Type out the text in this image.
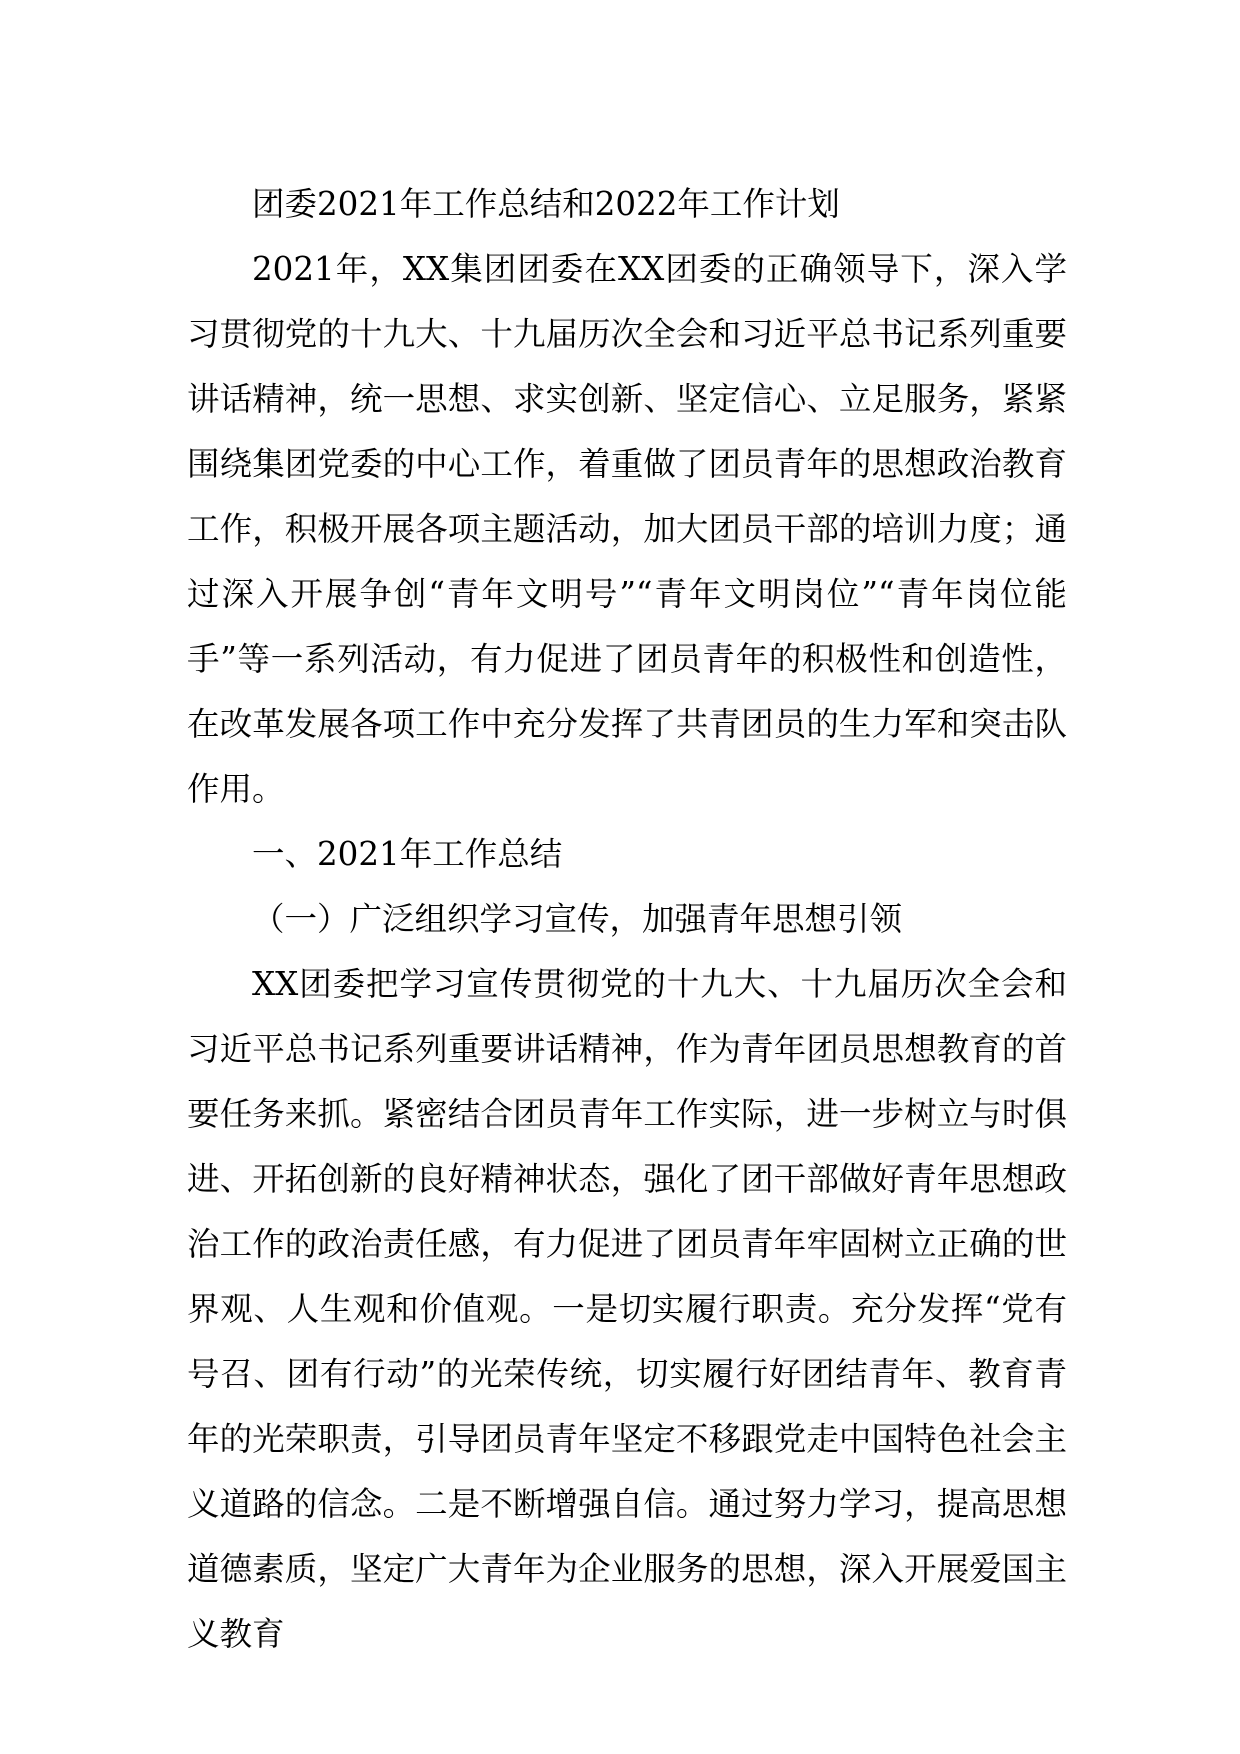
团委2021年工作总结和2022年工作计划

2021年，XX集团团委在XX团委的正确领导下，深入学习贯彻党的十九大、十九届历次全会和习近平总书记系列重要讲话精神，统一思想、求实创新、坚定信心、立足服务，紧紧围绕集团党委的中心工作，着重做了团员青年的思想政治教育工作，积极开展各项主题活动，加大团员干部的培训力度；通过深入开展争创“青年文明号”“青年文明岗位”“青年岗位能手”等一系列活动，有力促进了团员青年的积极性和创造性，在改革发展各项工作中充分发挥了共青团员的生力军和突击队作用。

一、2021年工作总结

（一）广泛组织学习宣传，加强青年思想引领

XX团委把学习宣传贯彻党的十九大、十九届历次全会和习近平总书记系列重要讲话精神，作为青年团员思想教育的首要任务来抓。紧密结合团员青年工作实际，进一步树立与时俱进、开拓创新的良好精神状态，强化了团干部做好青年思想政治工作的政治责任感，有力促进了团员青年牢固树立正确的世界观、人生观和价值观。一是切实履行职责。充分发挥“党有号召、团有行动”的光荣传统，切实履行好团结青年、教育青年的光荣职责，引导团员青年坚定不移跟党走中国特色社会主义道路的信念。二是不断增强自信。通过努力学习，提高思想道德素质，坚定广大青年为企业服务的思想，深入开展爱国主义教育
